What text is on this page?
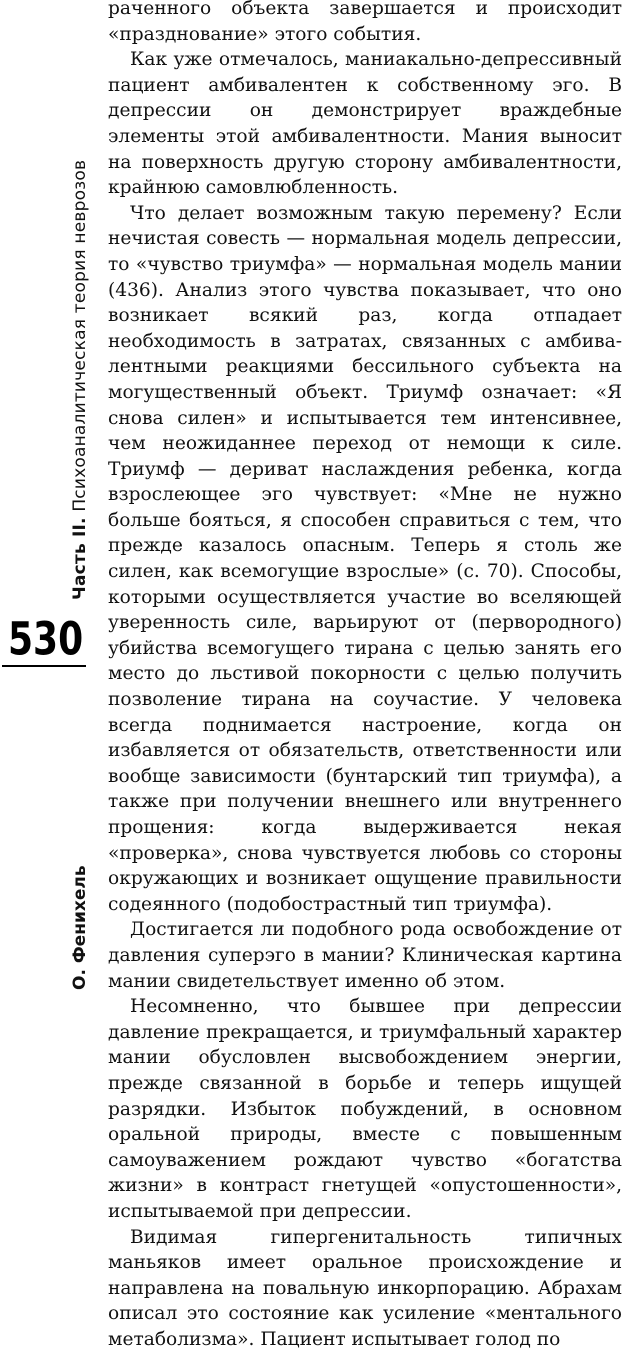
Часть II. Психоаналитическая теория неврозов
530
О. Фенихель

раченного объекта завершается и происходит «празднование» этого события.

Как уже отмечалось, маниакально-депрессивный пациент амбивалентен к собственному эго. В депрессии он демонстрирует враждебные элементы этой амбивалентности. Мания выносит на поверхность другую сторону амбивалентности, крайнюю самовлюбленность.

Что делает возможным такую перемену? Если нечистая совесть — нормальная модель депрессии, то «чувство триумфа» — нормальная модель мании (436). Анализ этого чувства показывает, что оно возникает всякий раз, когда отпадает необходимость в затратах, связанных с амбивалентными реакциями бессильного субъекта на могущественный объект. Триумф означает: «Я снова силен» и испытывается тем интенсивнее, чем неожиданнее переход от немощи к силе. Триумф — дериват наслаждения ребенка, когда взрослеющее эго чувствует: «Мне не нужно больше бояться, я способен справиться с тем, что прежде казалось опасным. Теперь я столь же силен, как всемогущие взрослые» (с. 70). Способы, которыми осуществляется участие во вселяющей уверенность силе, варьируют от (первородного) убийства всемогущего тирана с целью занять его место до льстивой покорности с целью получить позволение тирана на соучастие. У человека всегда поднимается настроение, когда он избавляется от обязательств, ответственности или вообще зависимости (бунтарский тип триумфа), а также при получении внешнего или внутреннего прощения: когда выдерживается некая «проверка», снова чувствуется любовь со стороны окружающих и возникает ощущение правильности содеянного (подобострастный тип триумфа).

Достигается ли подобного рода освобождение от давления суперэго в мании? Клиническая картина мании свидетельствует именно об этом.

Несомненно, что бывшее при депрессии давление прекращается, и триумфальный характер мании обусловлен высвобождением энергии, прежде связанной в борьбе и теперь ищущей разрядки. Избыток побуждений, в основном оральной природы, вместе с повышенным самоуважением рождают чувство «богатства жизни» в контраст гнетущей «опустошенности», испытываемой при депрессии.

Видимая гипергенитальность типичных маньяков имеет оральное происхождение и направлена на повальную инкорпорацию. Абрахам описал это состояние как усиление «ментального метаболизма». Пациент испытывает голод по
